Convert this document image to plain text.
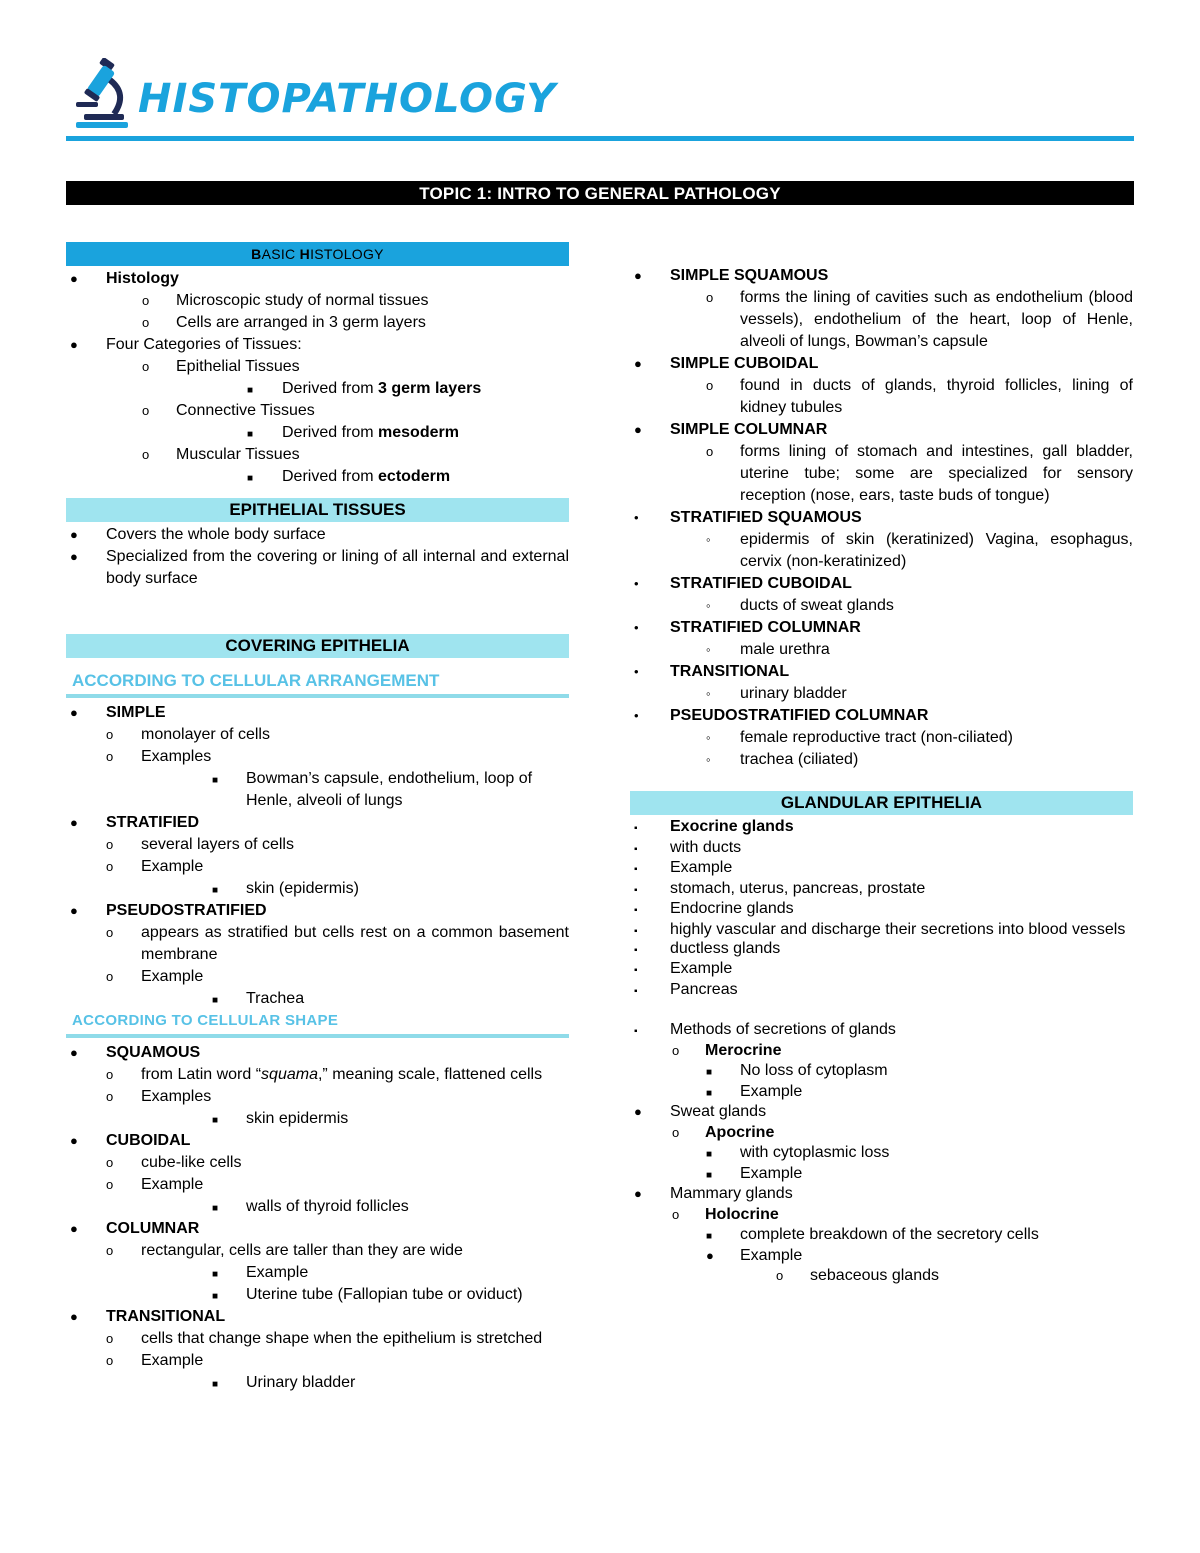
HISTOPATHOLOGY
TOPIC 1: INTRO TO GENERAL PATHOLOGY
BASIC HISTOLOGY
● Histology
o Microscopic study of normal tissues
o Cells are arranged in 3 germ layers
● Four Categories of Tissues:
o Epithelial Tissues
■ Derived from 3 germ layers
o Connective Tissues
■ Derived from mesoderm
o Muscular Tissues
■ Derived from ectoderm
EPITHELIAL TISSUES
● Covers the whole body surface
● Specialized from the covering or lining of all internal and external body surface
COVERING EPITHELIA
ACCORDING TO CELLULAR ARRANGEMENT
● SIMPLE
o monolayer of cells
o Examples
■ Bowman’s capsule, endothelium, loop of Henle, alveoli of lungs
● STRATIFIED
o several layers of cells
o Example
■ skin (epidermis)
● PSEUDOSTRATIFIED
o appears as stratified but cells rest on a common basement membrane
o Example
■ Trachea
ACCORDING TO CELLULAR SHAPE
● SQUAMOUS
o from Latin word “squama,” meaning scale, flattened cells
o Examples
■ skin epidermis
● CUBOIDAL
o cube-like cells
o Example
■ walls of thyroid follicles
● COLUMNAR
o rectangular, cells are taller than they are wide
■ Example
■ Uterine tube (Fallopian tube or oviduct)
● TRANSITIONAL
o cells that change shape when the epithelium is stretched
o Example
■ Urinary bladder
● SIMPLE SQUAMOUS
o forms the lining of cavities such as endothelium (blood vessels), endothelium of the heart, loop of Henle, alveoli of lungs, Bowman’s capsule
● SIMPLE CUBOIDAL
o found in ducts of glands, thyroid follicles, lining of kidney tubules
● SIMPLE COLUMNAR
o forms lining of stomach and intestines, gall bladder, uterine tube; some are specialized for sensory reception (nose, ears, taste buds of tongue)
• STRATIFIED SQUAMOUS
◦ epidermis of skin (keratinized) Vagina, esophagus, cervix (non-keratinized)
• STRATIFIED CUBOIDAL
◦ ducts of sweat glands
• STRATIFIED COLUMNAR
◦ male urethra
• TRANSITIONAL
◦ urinary bladder
• PSEUDOSTRATIFIED COLUMNAR
◦ female reproductive tract (non-ciliated)
◦ trachea (ciliated)
GLANDULAR EPITHELIA
▪ Exocrine glands
▪ with ducts
▪ Example
▪ stomach, uterus, pancreas, prostate
▪ Endocrine glands
▪ highly vascular and discharge their secretions into blood vessels
▪ ductless glands
▪ Example
▪ Pancreas
▪ Methods of secretions of glands
o Merocrine
■ No loss of cytoplasm
■ Example
● Sweat glands
o Apocrine
■ with cytoplasmic loss
■ Example
● Mammary glands
o Holocrine
■ complete breakdown of the secretory cells
● Example
o sebaceous glands
